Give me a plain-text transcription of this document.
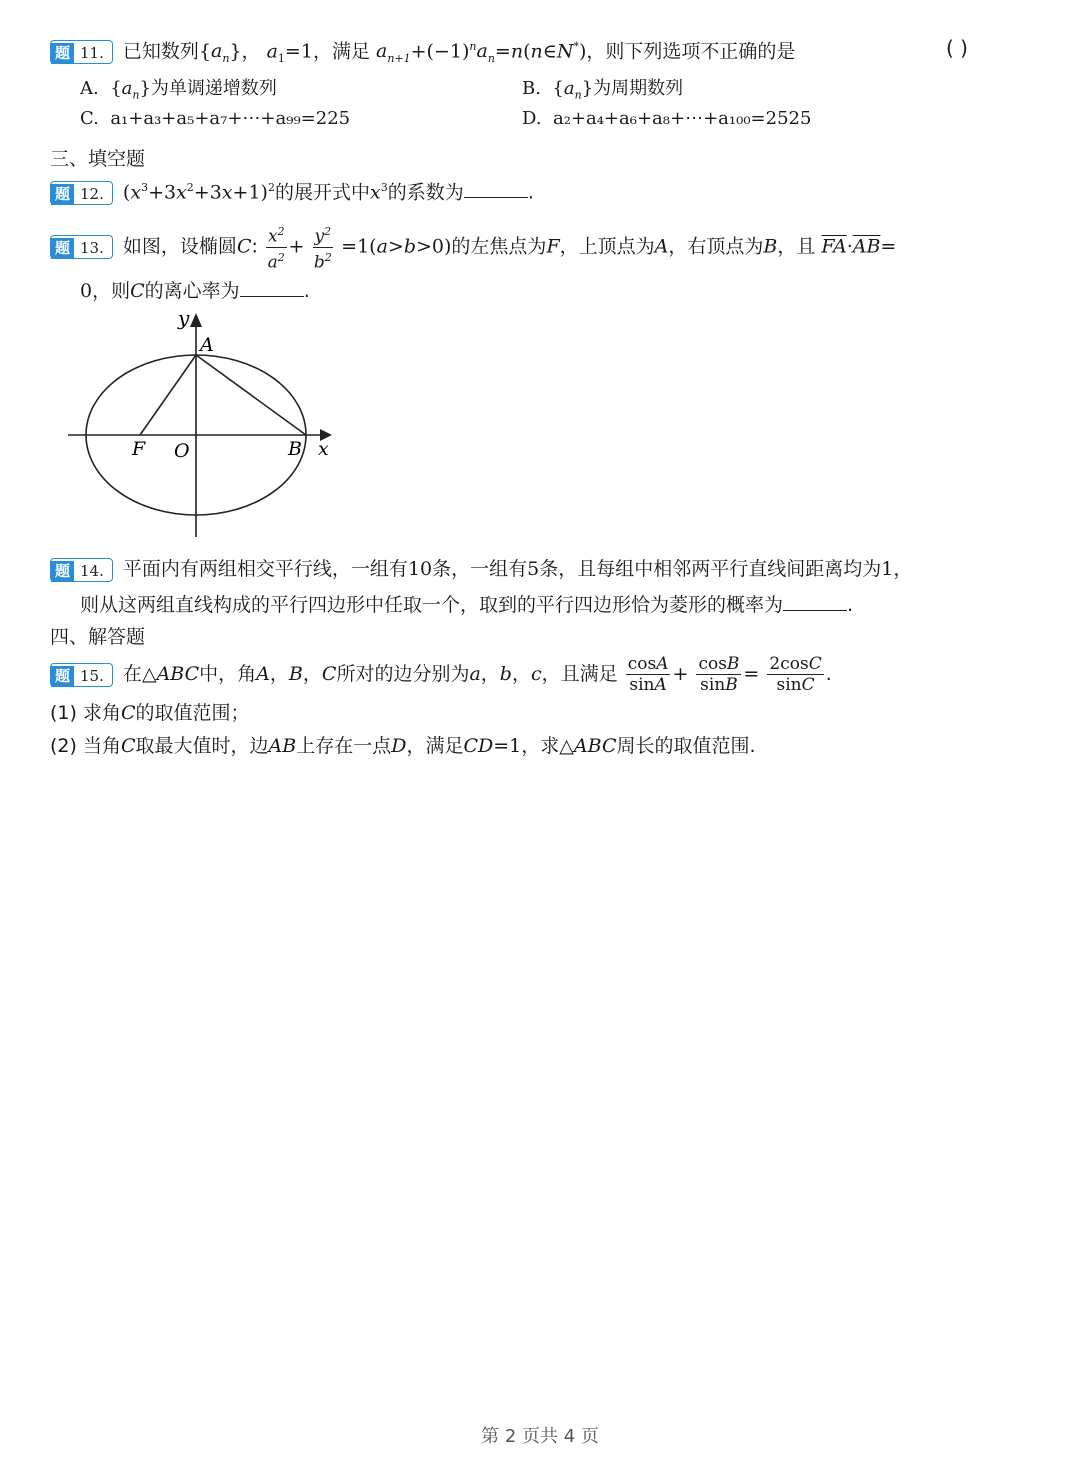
题 11. 已知数列$\{a_n\}$， $a_1=1$，满足 $a_{n+1}+(-1)^na_n=n(n\in N^*)$，则下列选项不正确的是	( )
A. $\{a_n\}$为单调递增数列	B. $\{a_n\}$为周期数列
C. a₁+a₃+a₅+a₇+⋯+a₉₉=225	D. a₂+a₄+a₆+a₈+⋯+a₁₀₀=2525
三、填空题
题 12. $(x^3+3x^2+3x+1)^2$的展开式中$x^3$的系数为	.
题 13. 如图，设椭圆C: $\frac{x^2}{a^2} + \frac{y^2}{b^2} =1(a>b>0)$的左焦点为F，上顶点为A，右顶点为B，且 $\overline{FA}\cdot\overline{AB}=$
0，则C的离心率为	.
y
A
F O	B x
题 14. 平面内有两组相交平行线，一组有10条，一组有5条，且每组中相邻两平行直线间距离均为1，
则从这两组直线构成的平行四边形中任取一个，取到的平行四边形恰为菱形的概率为	.
四、解答题
题 15. 在△ABC中，角A，B，C所对的边分别为a，b，c，且满足 $\frac{\cos A}{\sin A} + \frac{\cos B}{\sin B} = \frac{2\cos C}{\sin C}$ .
(1) 求角C的取值范围；
(2) 当角C取最大值时，边AB上存在一点D，满足CD=1，求△ABC周长的取值范围.
第 2 页共 4 页
